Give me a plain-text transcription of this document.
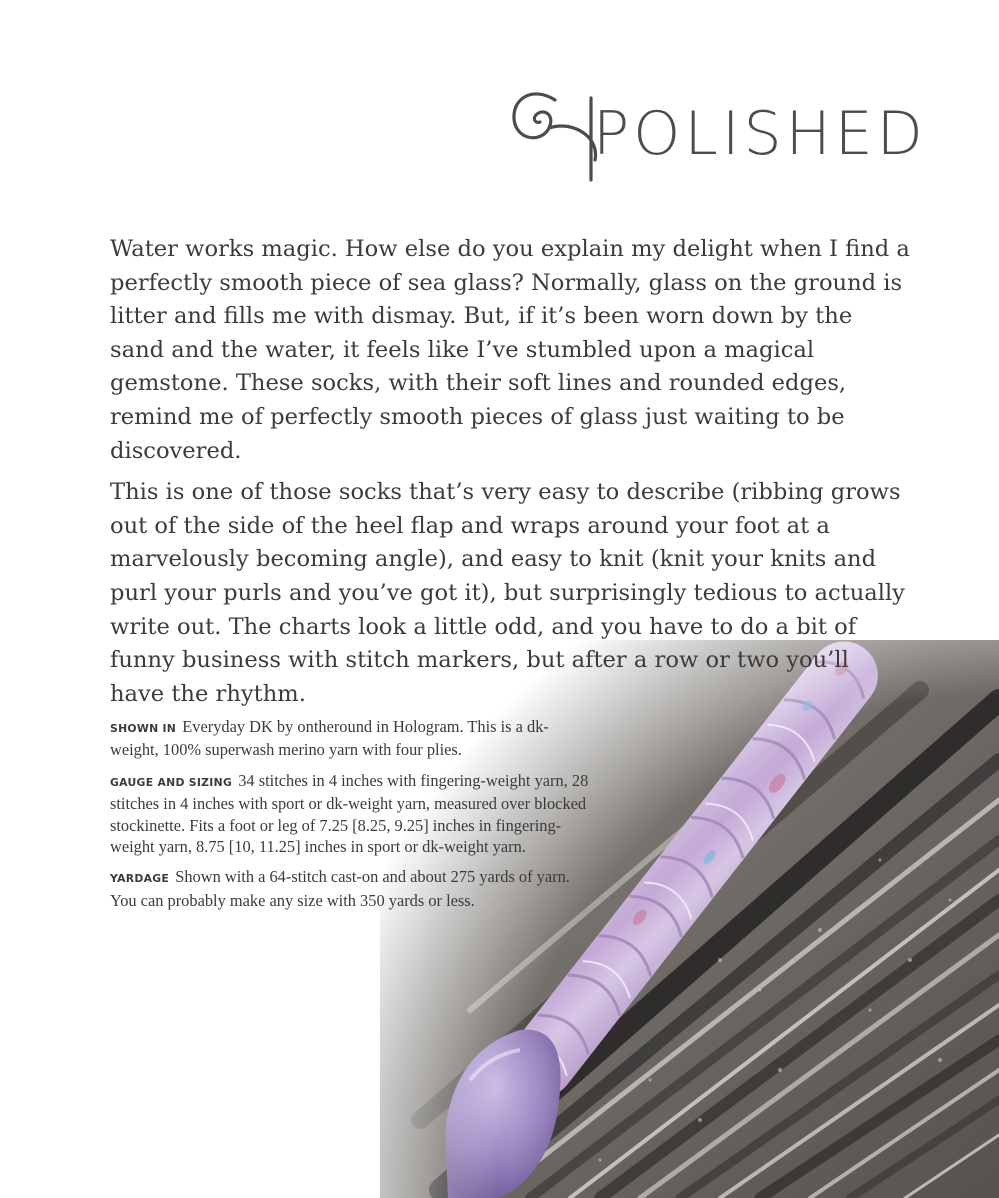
POLISHED

Water works magic. How else do you explain my delight when I find a perfectly smooth piece of sea glass? Normally, glass on the ground is litter and fills me with dismay. But, if it’s been worn down by the sand and the water, it feels like I’ve stumbled upon a magical gemstone. These socks, with their soft lines and rounded edges, remind me of perfectly smooth pieces of glass just waiting to be discovered.

This is one of those socks that’s very easy to describe (ribbing grows out of the side of the heel flap and wraps around your foot at a marvelously becoming angle), and easy to knit (knit your knits and purl your purls and you’ve got it), but surprisingly tedious to actually write out. The charts look a little odd, and you have to do a bit of funny business with stitch markers, but after a row or two you’ll have the rhythm.

SHOWN IN Everyday DK by ontheround in Hologram. This is a dk-weight, 100% superwash merino yarn with four plies.

GAUGE AND SIZING 34 stitches in 4 inches with fingering-weight yarn, 28 stitches in 4 inches with sport or dk-weight yarn, measured over blocked stockinette. Fits a foot or leg of 7.25 [8.25, 9.25] inches in fingering-weight yarn, 8.75 [10, 11.25] inches in sport or dk-weight yarn.

YARDAGE Shown with a 64-stitch cast-on and about 275 yards of yarn. You can probably make any size with 350 yards or less.
